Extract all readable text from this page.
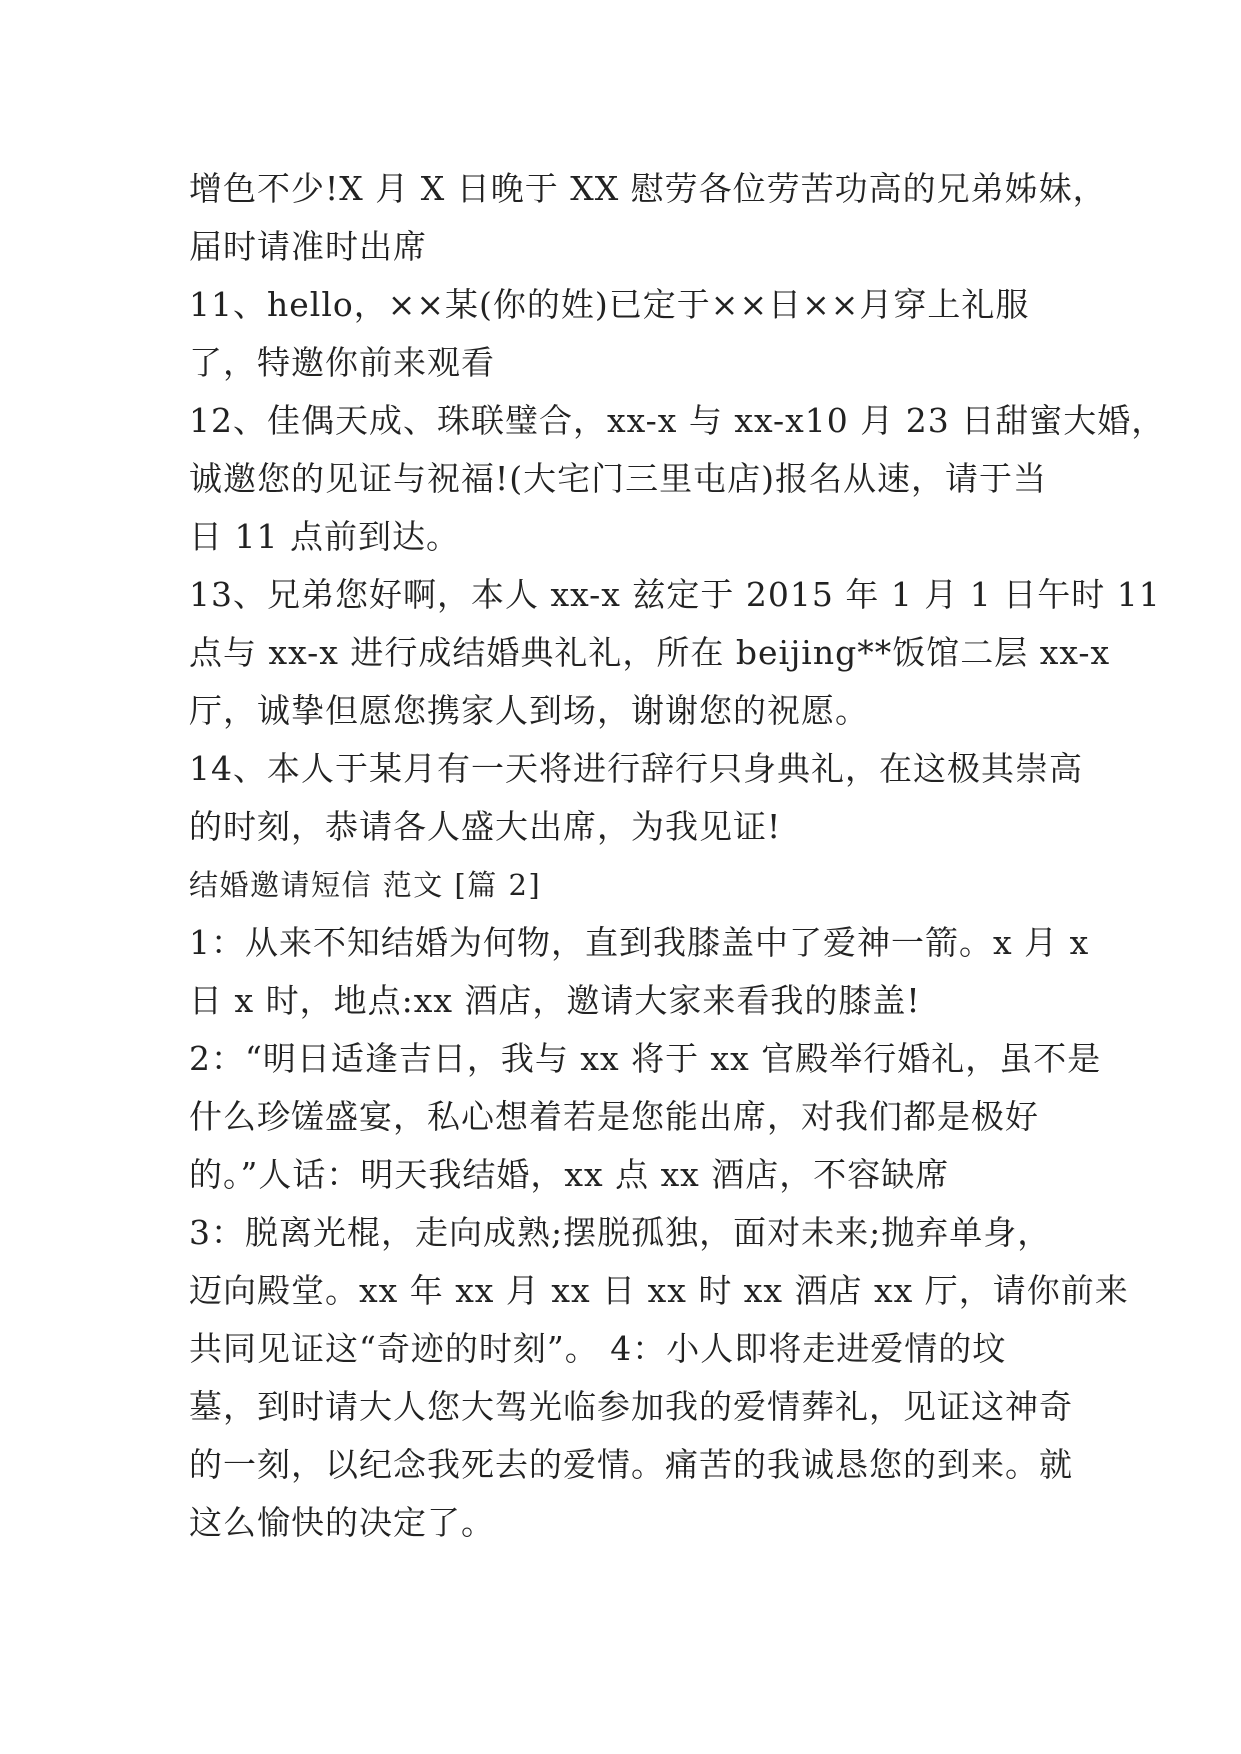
增色不少!X 月 X 日晚于 XX 慰劳各位劳苦功高的兄弟姊妹，
届时请准时出席
11、hello，××某(你的姓)已定于××日××月穿上礼服
了，特邀你前来观看
12、佳偶天成、珠联璧合，xx-x 与 xx-x10 月 23 日甜蜜大婚，
诚邀您的见证与祝福!(大宅门三里屯店)报名从速，请于当
日 11 点前到达。
13、兄弟您好啊，本人 xx-x 兹定于 2015 年 1 月 1 日午时 11
点与 xx-x 进行成结婚典礼礼，所在 beijing**饭馆二层 xx-x
厅，诚挚但愿您携家人到场，谢谢您的祝愿。
14、本人于某月有一天将进行辞行只身典礼，在这极其崇高
的时刻，恭请各人盛大出席，为我见证!
结婚邀请短信 范文 [篇 2]
1：从来不知结婚为何物，直到我膝盖中了爱神一箭。x 月 x
日 x 时，地点:xx 酒店，邀请大家来看我的膝盖!
2：“明日适逢吉日，我与 xx 将于 xx 官殿举行婚礼，虽不是
什么珍馐盛宴，私心想着若是您能出席，对我们都是极好
的。”人话：明天我结婚，xx 点 xx 酒店，不容缺席
3：脱离光棍，走向成熟;摆脱孤独，面对未来;抛弃单身，
迈向殿堂。xx 年 xx 月 xx 日 xx 时 xx 酒店 xx 厅，请你前来
共同见证这“奇迹的时刻”。 4：小人即将走进爱情的坟
墓，到时请大人您大驾光临参加我的爱情葬礼，见证这神奇
的一刻，以纪念我死去的爱情。痛苦的我诚恳您的到来。就
这么愉快的决定了。
